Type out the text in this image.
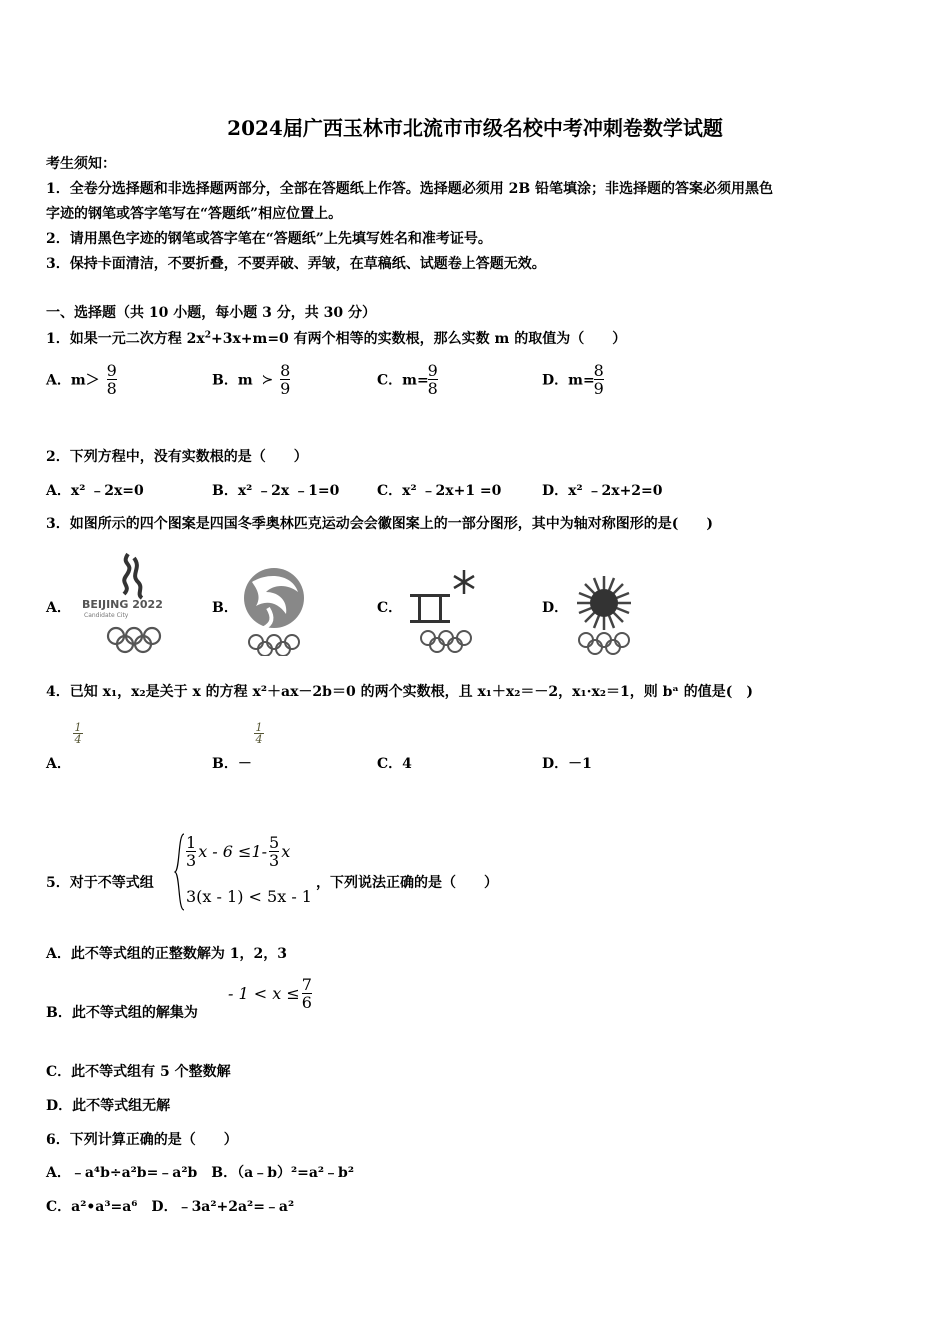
2024届广西玉林市北流市市级名校中考冲刺卷数学试题
考生须知：
1．全卷分选择题和非选择题两部分，全部在答题纸上作答。选择题必须用 2B 铅笔填涂；非选择题的答案必须用黑色
字迹的钢笔或答字笔写在“答题纸”相应位置上。
2．请用黑色字迹的钢笔或答字笔在“答题纸”上先填写姓名和准考证号。
3．保持卡面清洁，不要折叠，不要弄破、弄皱，在草稿纸、试题卷上答题无效。
一、选择题（共 10 小题，每小题 3 分，共 30 分）
1．如果一元二次方程 $2x^2+3x+m=0$ 有两个相等的实数根，那么实数 m 的取值为（　　）
A．$m> \frac{9}{8}$	B．m ≻ $\frac{8}{9}$	C．m=
$\frac{9}{8}$	D．m=
$\frac{8}{9}$
2．下列方程中，没有实数根的是（　　）
A．x² ﹣2x=0	B．x² ﹣2x ﹣1=0	C．x² ﹣2x+1 =0	D．x² ﹣2x+2=0
3．如图所示的四个图案是四国冬季奥林匹克运动会会徽图案上的一部分图形，其中为轴对称图形的是(　　)
A．	B．	C．	D．
BEIJING 2022
Candidate City
4．已知 x₁，x₂是关于 x 的方程 x²＋ax－2b＝0 的两个实数根，且 x₁＋x₂＝－2，x₁·x₂＝1，则 bᵃ 的值是(　)
1
4
A．
1
4
B．－	C．4	D．－1
5．对于不等式组
$\frac{1}{3}$ $x - 6 \le 1- \frac{5}{3}$ x
3(x - 1) < 5x - 1
，下列说法正确的是（　　）
A．此不等式组的正整数解为 1，2，3
B．此不等式组的解集为
- $1 < x \le \frac{7}{6}$
C．此不等式组有 5 个整数解
D．此不等式组无解
6．下列计算正确的是（　　）
A．﹣a⁴b÷a²b=﹣a²b　B．（a﹣b）²=a²﹣b²
C．a²•a³=a⁶　D．﹣3a²+2a²=﹣a²
